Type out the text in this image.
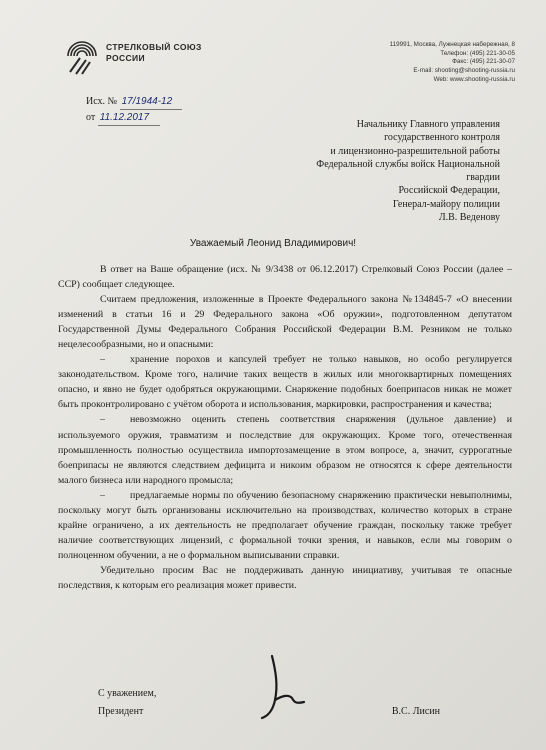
СТРЕЛКОВЫЙ СОЮЗ
РОССИИ
119991, Москва, Лужнецкая набережная, 8
Телефон: (495) 221-30-05
Факс: (495) 221-30-07
E-mail: shooting@shooting-russia.ru
Web: www.shooting-russia.ru
Исх. № 17/1944-12
от 11.12.2017
Начальнику Главного управления
государственного контроля
и лицензионно-разрешительной работы
Федеральной службы войск Национальной гвардии
Российской Федерации,
Генерал-майору полиции
Л.В. Веденову
Уважаемый Леонид Владимирович!

В ответ на Ваше обращение (исх. № 9/3438 от 06.12.2017) Стрелковый Союз России (далее – ССР) сообщает следующее.

Считаем предложения, изложенные в Проекте Федерального закона №134845-7 «О внесении изменений в статьи 16 и 29 Федерального закона «Об оружии», подготовленном депутатом Государственной Думы Федерального Собрания Российской Федерации В.М. Резником не только нецелесообразными, но и опасными:

–	хранение порохов и капсулей требует не только навыков, но особо регулируется законодательством. Кроме того, наличие таких веществ в жилых или многоквартирных помещениях опасно, и явно не будет одобряться окружающими. Снаряжение подобных боеприпасов никак не может быть проконтролировано с учётом оборота и использования, маркировки, распространения и качества;

–	невозможно оценить степень соответствия снаряжения (дульное давление) и используемого оружия, травматизм и последствие для окружающих. Кроме того, отечественная промышленность полностью осуществила импортозамещение в этом вопросе, а, значит, суррогатные боеприпасы не являются следствием дефицита и никоим образом не относятся к сфере деятельности малого бизнеса или народного промысла;

–	предлагаемые нормы по обучению безопасному снаряжению практически невыполнимы, поскольку могут быть организованы исключительно на производствах, количество которых в стране крайне ограничено, а их деятельность не предполагает обучение граждан, поскольку также требует наличие соответствующих лицензий, с формальной точки зрения, и навыков, если мы говорим о полноценном обучении, а не о формальном выписывании справки.

Убедительно просим Вас не поддерживать данную инициативу, учитывая те опасные последствия, к которым его реализация может привести.

С уважением,
Президент	В.С. Лисин
